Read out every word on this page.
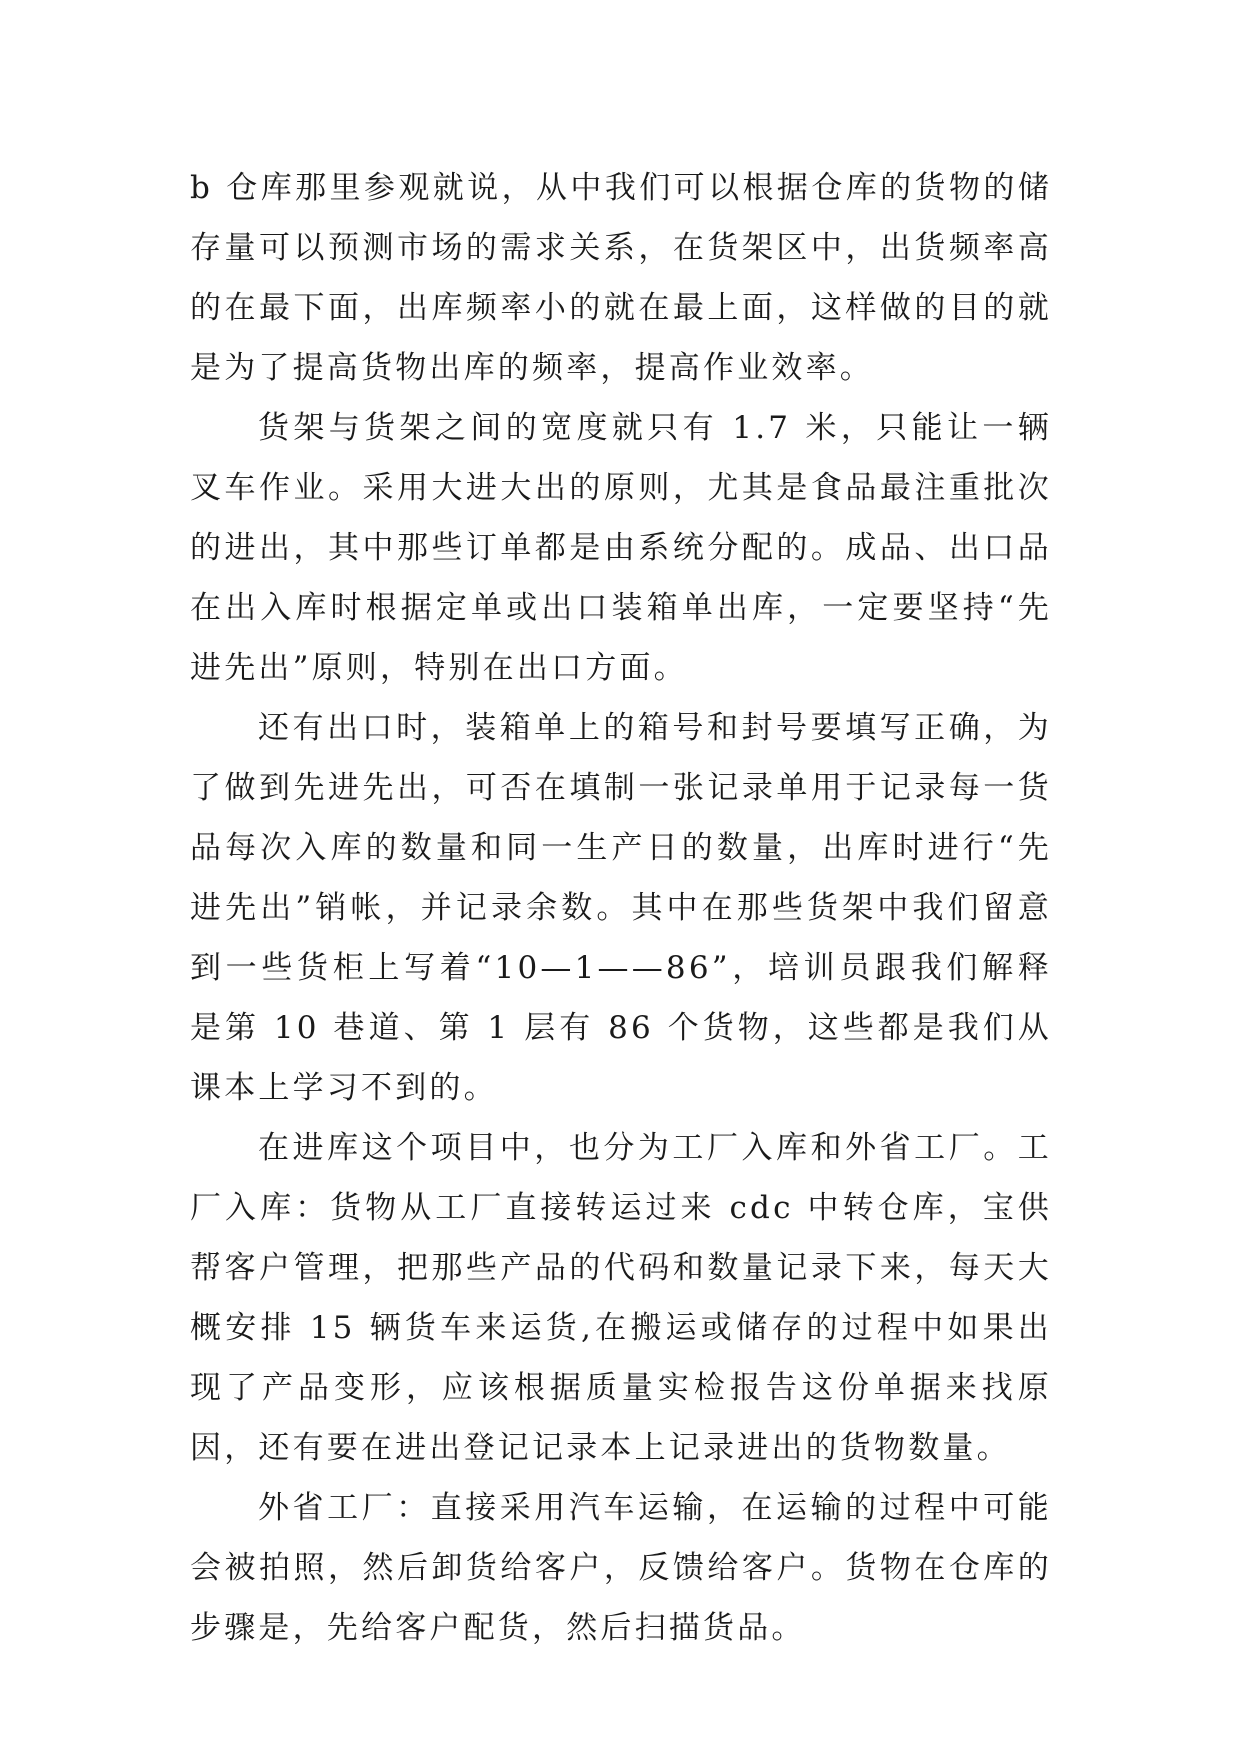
b 仓库那里参观就说，从中我们可以根据仓库的货物的储存量可以预测市场的需求关系，在货架区中，出货频率高的在最下面，出库频率小的就在最上面，这样做的目的就是为了提高货物出库的频率，提高作业效率。

货架与货架之间的宽度就只有 1.7 米，只能让一辆叉车作业。采用大进大出的原则，尤其是食品最注重批次的进出，其中那些订单都是由系统分配的。成品、出口品在出入库时根据定单或出口装箱单出库，一定要坚持“先进先出”原则，特别在出口方面。

还有出口时，装箱单上的箱号和封号要填写正确，为了做到先进先出，可否在填制一张记录单用于记录每一货品每次入库的数量和同一生产日的数量，出库时进行“先进先出”销帐，并记录余数。其中在那些货架中我们留意到一些货柜上写着“10—1——86”，培训员跟我们解释是第 10 巷道、第 1 层有 86 个货物，这些都是我们从课本上学习不到的。

在进库这个项目中，也分为工厂入库和外省工厂。工厂入库：货物从工厂直接转运过来 cdc 中转仓库，宝供帮客户管理，把那些产品的代码和数量记录下来，每天大概安排 15 辆货车来运货,在搬运或储存的过程中如果出现了产品变形，应该根据质量实检报告这份单据来找原因，还有要在进出登记记录本上记录进出的货物数量。

外省工厂：直接采用汽车运输，在运输的过程中可能会被拍照，然后卸货给客户，反馈给客户。货物在仓库的步骤是，先给客户配货，然后扫描货品。
